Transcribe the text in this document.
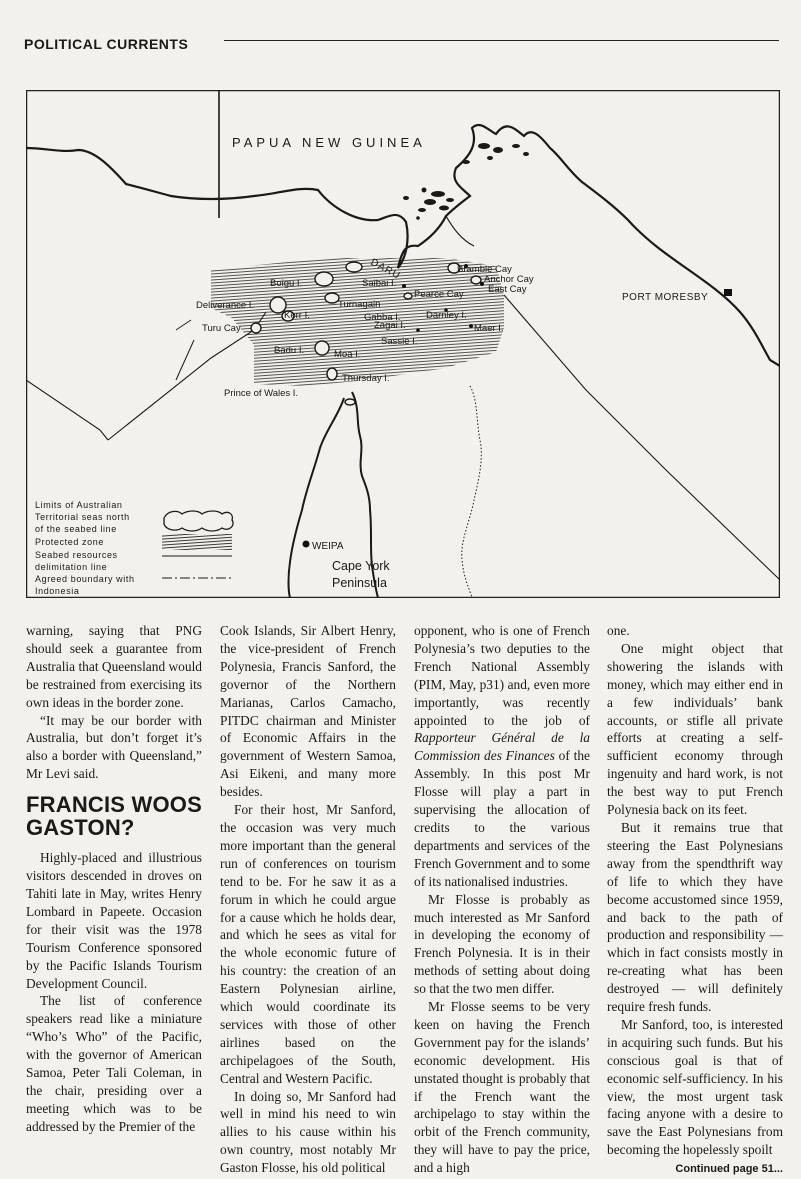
POLITICAL CURRENTS
PAPUA NEW GUINEA
DARU	Bramble Cay
Anchor Cay
East Cay
Saibai I.
Boigu I.
Pearce Cay
Deliverance I.	Turnagain
Kerr I.	Gabba I.	Darnley I.
Turu Cay	Zagai I.	Maer I.
Sassie I.
Badu I.	Moa I.
Thursday I.
Prince of Wales I.
PORT MORESBY
WEIPA
Cape York
Peninsula
Limits of Australian
Territorial seas north
of the seabed line
Protected zone
Seabed resources
delimitation line
Agreed boundary with
Indonesia

warning, saying that PNG should seek a guarantee from Australia that Queensland would be restrained from exercising its own ideas in the border zone.

“It may be our border with Australia, but don’t forget it’s also a border with Queensland,” Mr Levi said.

FRANCIS WOOS GASTON?

Highly-placed and illustrious visitors descended in droves on Tahiti late in May, writes Henry Lombard in Papeete. Occasion for their visit was the 1978 Tourism Conference sponsored by the Pacific Islands Tourism Development Council.

The list of conference speakers read like a miniature “Who’s Who” of the Pacific, with the governor of American Samoa, Peter Tali Coleman, in the chair, presiding over a meeting which was to be addressed by the Premier of the

Cook Islands, Sir Albert Henry, the vice-president of French Polynesia, Francis Sanford, the governor of the Northern Marianas, Carlos Camacho, PITDC chairman and Minister of Economic Affairs in the government of Western Samoa, Asi Eikeni, and many more besides.

For their host, Mr Sanford, the occasion was very much more important than the general run of conferences on tourism tend to be. For he saw it as a forum in which he could argue for a cause which he holds dear, and which he sees as vital for the whole economic future of his country: the creation of an Eastern Polynesian airline, which would coordinate its services with those of other airlines based on the archipelagoes of the South, Central and Western Pacific.

In doing so, Mr Sanford had well in mind his need to win allies to his cause within his own country, most notably Mr Gaston Flosse, his old political

opponent, who is one of French Polynesia’s two deputies to the French National Assembly (PIM, May, p31) and, even more importantly, was recently appointed to the job of Rapporteur Général de la Commission des Finances of the Assembly. In this post Mr Flosse will play a part in supervising the allocation of credits to the various departments and services of the French Government and to some of its nationalised industries.

Mr Flosse is probably as much interested as Mr Sanford in developing the economy of French Polynesia. It is in their methods of setting about doing so that the two men differ.

Mr Flosse seems to be very keen on having the French Government pay for the islands’ economic development. His unstated thought is probably that if the French want the archipelago to stay within the orbit of the French community, they will have to pay the price, and a high

one.

One might object that showering the islands with money, which may either end in a few individuals’ bank accounts, or stifle all private efforts at creating a self-sufficient economy through ingenuity and hard work, is not the best way to put French Polynesia back on its feet.

But it remains true that steering the East Polynesians away from the spendthrift way of life to which they have become accustomed since 1959, and back to the path of production and responsibility — which in fact consists mostly in re-creating what has been destroyed — will definitely require fresh funds.

Mr Sanford, too, is interested in acquiring such funds. But his conscious goal is that of economic self-sufficiency. In his view, the most urgent task facing anyone with a desire to save the East Polynesians from becoming the hopelessly spoilt

Continued page 51...
